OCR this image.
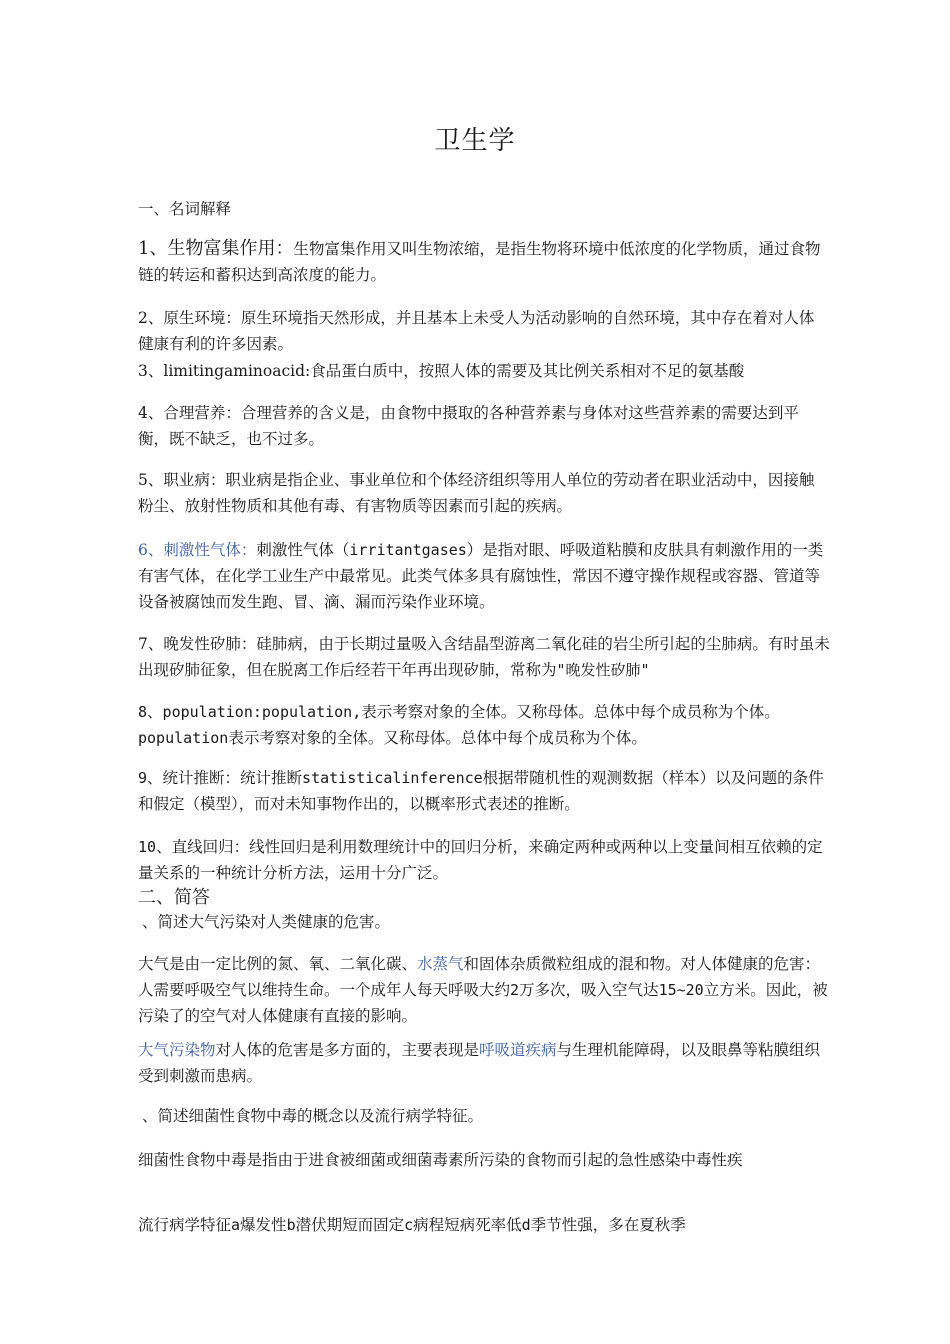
卫生学
一、名词解释
1、生物富集作用：生物富集作用又叫生物浓缩，是指生物将环境中低浓度的化学物质，通过食物链的转运和蓄积达到高浓度的能力。
2、原生环境：原生环境指天然形成，并且基本上未受人为活动影响的自然环境，其中存在着对人体健康有利的许多因素。
3、limitingaminoacid:食品蛋白质中，按照人体的需要及其比例关系相对不足的氨基酸
4、合理营养：合理营养的含义是，由食物中摄取的各种营养素与身体对这些营养素的需要达到平衡，既不缺乏，也不过多。
5、职业病：职业病是指企业、事业单位和个体经济组织等用人单位的劳动者在职业活动中，因接触粉尘、放射性物质和其他有毒、有害物质等因素而引起的疾病。
6、刺激性气体：刺激性气体（irritantgases）是指对眼、呼吸道粘膜和皮肤具有刺激作用的一类有害气体，在化学工业生产中最常见。此类气体多具有腐蚀性，常因不遵守操作规程或容器、管道等设备被腐蚀而发生跑、冒、滴、漏而污染作业环境。
7、晚发性矽肺：硅肺病，由于长期过量吸入含结晶型游离二氧化硅的岩尘所引起的尘肺病。有时虽未出现矽肺征象，但在脱离工作后经若干年再出现矽肺，常称为"晚发性矽肺"
8、population:population,表示考察对象的全体。又称母体。总体中每个成员称为个体。population表示考察对象的全体。又称母体。总体中每个成员称为个体。
9、统计推断：统计推断statisticalinference根据带随机性的观测数据（样本）以及问题的条件和假定（模型），而对未知事物作出的，以概率形式表述的推断。
10、直线回归：线性回归是利用数理统计中的回归分析，来确定两种或两种以上变量间相互依赖的定量关系的一种统计分析方法，运用十分广泛。
二、简答
、简述大气污染对人类健康的危害。
大气是由一定比例的氮、氧、二氧化碳、水蒸气和固体杂质微粒组成的混和物。对人体健康的危害：人需要呼吸空气以维持生命。一个成年人每天呼吸大约2万多次，吸入空气达15~20立方米。因此，被污染了的空气对人体健康有直接的影响。
大气污染物对人体的危害是多方面的，主要表现是呼吸道疾病与生理机能障碍，以及眼鼻等粘膜组织受到刺激而患病。
、简述细菌性食物中毒的概念以及流行病学特征。
细菌性食物中毒是指由于进食被细菌或细菌毒素所污染的食物而引起的急性感染中毒性疾
流行病学特征a爆发性b潜伏期短而固定c病程短病死率低d季节性强，多在夏秋季
